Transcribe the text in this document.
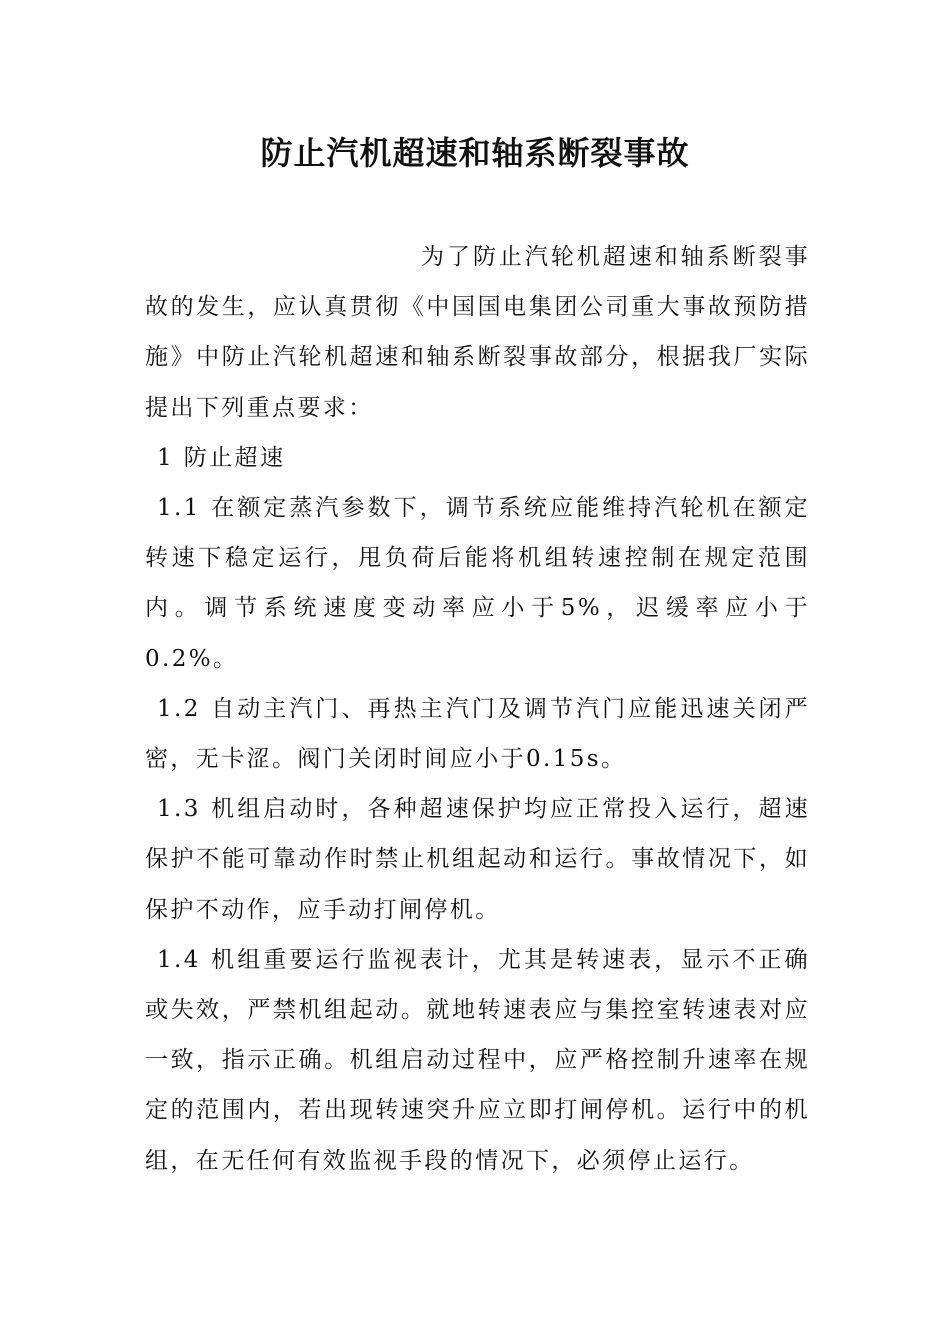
防止汽机超速和轴系断裂事故

为了防止汽轮机超速和轴系断裂事故的发生，应认真贯彻《中国国电集团公司重大事故预防措施》中防止汽轮机超速和轴系断裂事故部分，根据我厂实际提出下列重点要求：

1 防止超速

1.1 在额定蒸汽参数下，调节系统应能维持汽轮机在额定转速下稳定运行，甩负荷后能将机组转速控制在规定范围内。调节系统速度变动率应小于5%，迟缓率应小于0.2%。

1.2 自动主汽门、再热主汽门及调节汽门应能迅速关闭严密，无卡涩。阀门关闭时间应小于0.15s。

1.3 机组启动时，各种超速保护均应正常投入运行，超速保护不能可靠动作时禁止机组起动和运行。事故情况下，如保护不动作，应手动打闸停机。

1.4 机组重要运行监视表计，尤其是转速表，显示不正确或失效，严禁机组起动。就地转速表应与集控室转速表对应一致，指示正确。机组启动过程中，应严格控制升速率在规定的范围内，若出现转速突升应立即打闸停机。运行中的机组，在无任何有效监视手段的情况下，必须停止运行。
